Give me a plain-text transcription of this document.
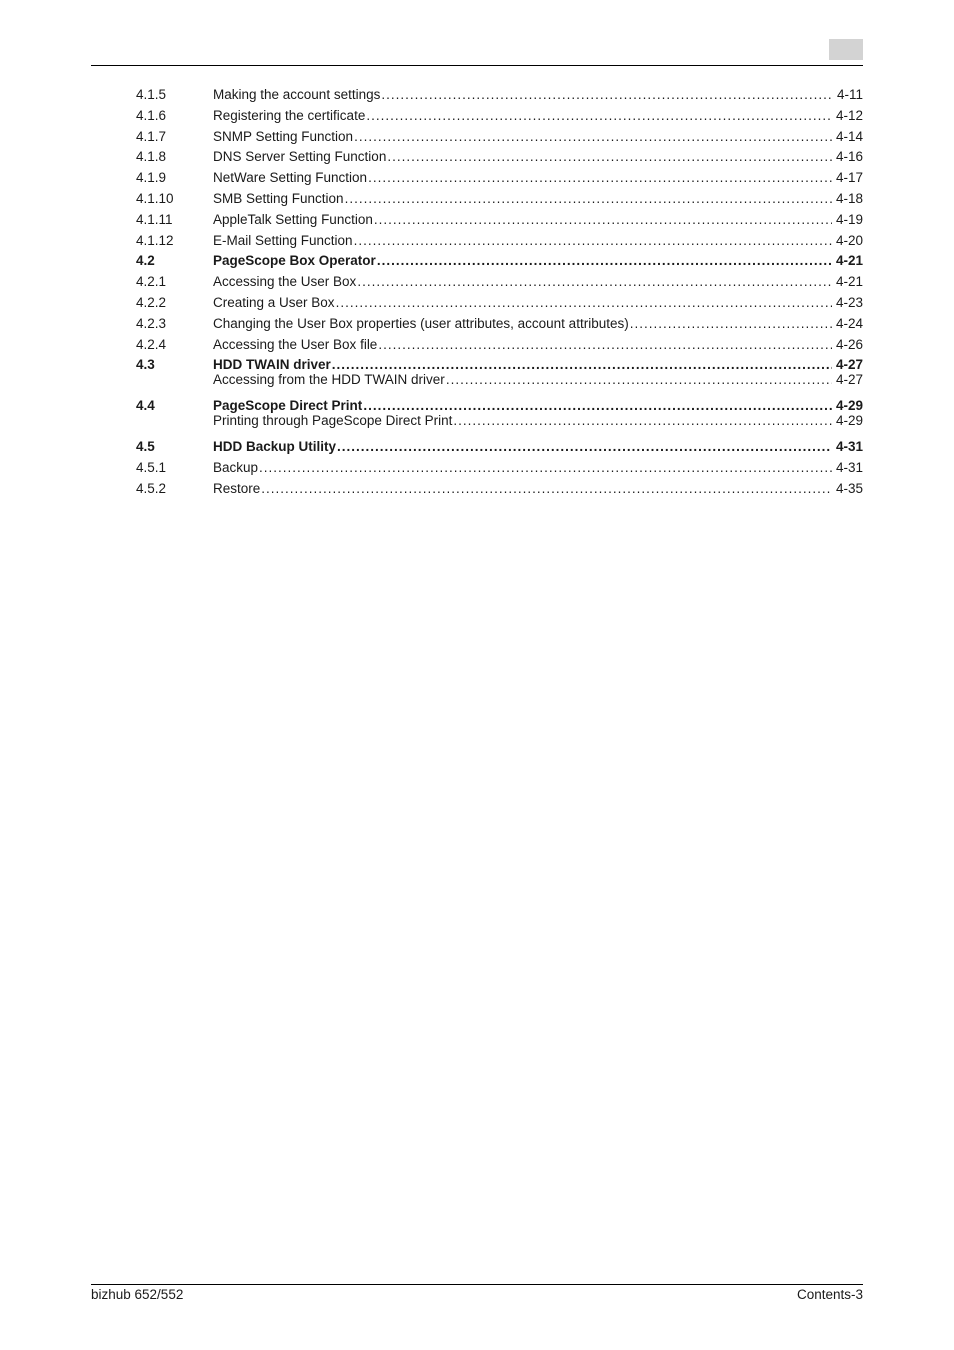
4.1.5	Making the account settings .....	4-11
4.1.6	Registering the certificate .....	4-12
4.1.7	SNMP Setting Function .....	4-14
4.1.8	DNS Server Setting Function .....	4-16
4.1.9	NetWare Setting Function .....	4-17
4.1.10	SMB Setting Function .....	4-18
4.1.11	AppleTalk Setting Function .....	4-19
4.1.12	E-Mail Setting Function .....	4-20
4.2	PageScope Box Operator .....	4-21
4.2.1	Accessing the User Box .....	4-21
4.2.2	Creating a User Box .....	4-23
4.2.3	Changing the User Box properties (user attributes, account attributes) .....	4-24
4.2.4	Accessing the User Box file .....	4-26
4.3	HDD TWAIN driver .....	4-27
Accessing from the HDD TWAIN driver .....	4-27
4.4	PageScope Direct Print .....	4-29
Printing through PageScope Direct Print .....	4-29
4.5	HDD Backup Utility .....	4-31
4.5.1	Backup .....	4-31
4.5.2	Restore .....	4-35
bizhub 652/552	Contents-3
